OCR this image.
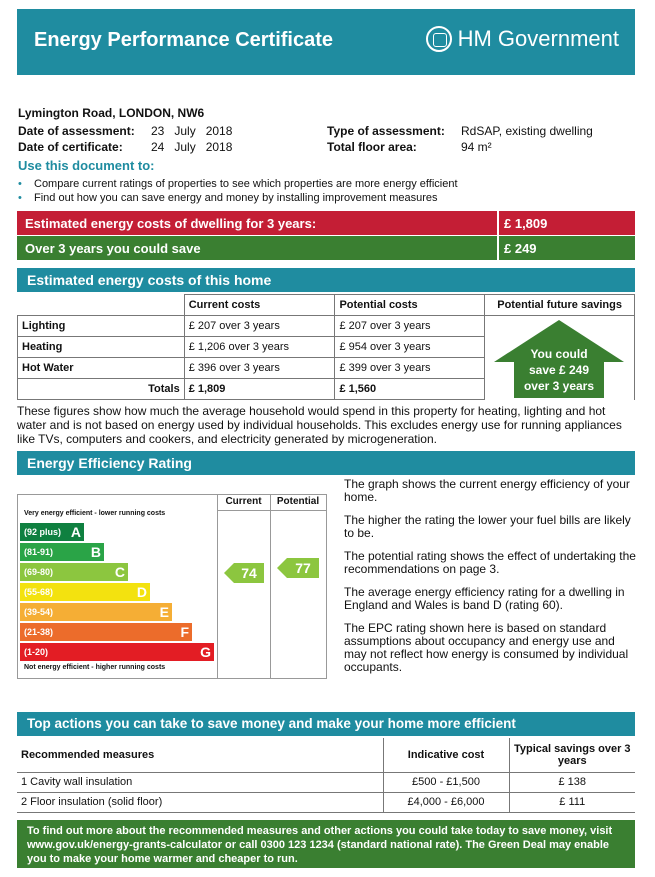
Energy Performance Certificate	HM Government
Lymington Road, LONDON, NW6
Date of assessment: 23   July   2018
Date of certificate:	24   July   2018
Type of assessment: RdSAP, existing dwelling
Total floor area:	94 m²
Use this document to:
• Compare current ratings of properties to see which properties are more energy efficient
• Find out how you can save energy and money by installing improvement measures
Estimated energy costs of dwelling for 3 years:	£ 1,809
Over 3 years you could save	£ 249
Estimated energy costs of this home
	Current costs	Potential costs	Potential future savings
Lighting	£ 207 over 3 years	£ 207 over 3 years	
Heating	£ 1,206 over 3 years	£ 954 over 3 years	
Hot Water	£ 396 over 3 years	£ 399 over 3 years	
Totals	£ 1,809	£ 1,560	
You could
save £ 249
over 3 years
These figures show how much the average household would spend in this property for heating, lighting and hot water and is not based on energy used by individual households. This excludes energy use for running appliances like TVs, computers and cookers, and electricity generated by microgeneration.
Energy Efficiency Rating
Current	Potential
Very energy efficient - lower running costs
Not energy efficient - higher running costs
(92 plus) A
(81-91)	B
(69-80)	C
(55-68)	D
(39-54)	E
(21-38)	F
(1-20)	G
74	77

The graph shows the current energy efficiency of your home.

The higher the rating the lower your fuel bills are likely to be.

The potential rating shows the effect of undertaking the recommendations on page 3.

The average energy efficiency rating for a dwelling in England and Wales is band D (rating 60).

The EPC rating shown here is based on standard assumptions about occupancy and energy use and may not reflect how energy is consumed by individual occupants.

Top actions you can take to save money and make your home more efficient
Recommended measures	Indicative cost	Typical savings over 3 years
1 Cavity wall insulation	£500 - £1,500	£ 138
2 Floor insulation (solid floor)	£4,000 - £6,000	£ 111
To find out more about the recommended measures and other actions you could take today to save money, visit www.gov.uk/energy-grants-calculator or call 0300 123 1234 (standard national rate). The Green Deal may enable you to make your home warmer and cheaper to run.
